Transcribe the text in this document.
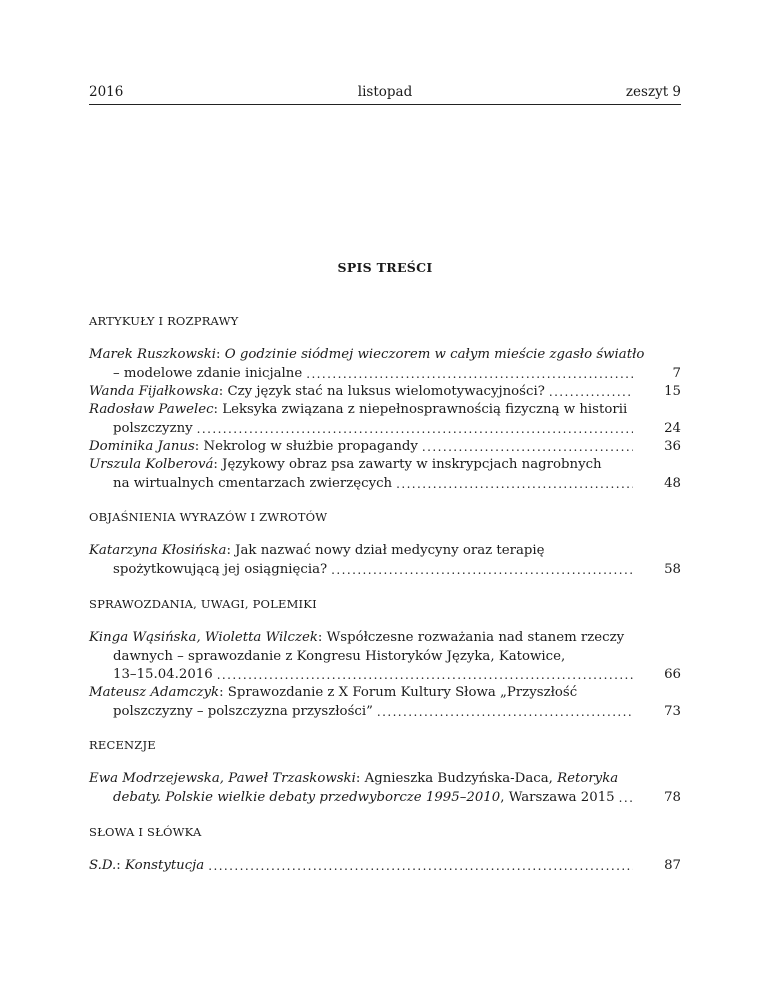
2016	listopad	zeszyt 9
SPIS TREŚCI
ARTYKUŁY I ROZPRAWY
Marek Ruszkowski: O godzinie siódmej wieczorem w całym mieście zgasło światło
– modelowe zdanie inicjalne . . .	7
Wanda Fijałkowska: Czy język stać na luksus wielomotywacyjności? . . .	15
Radosław Pawelec: Leksyka związana z niepełnosprawnością fizyczną w historii
polszczyzny . . .	24
Dominika Janus: Nekrolog w służbie propagandy . . .	36
Urszula Kolberová: Językowy obraz psa zawarty w inskrypcjach nagrobnych
na wirtualnych cmentarzach zwierzęcych . . .	48
OBJAŚNIENIA WYRAZÓW I ZWROTÓW
Katarzyna Kłosińska: Jak nazwać nowy dział medycyny oraz terapię
spożytkowującą jej osiągnięcia? . . .	58
SPRAWOZDANIA, UWAGI, POLEMIKI
Kinga Wąsińska, Wioletta Wilczek: Współczesne rozważania nad stanem rzeczy
dawnych – sprawozdanie z Kongresu Historyków Języka, Katowice,
13–15.04.2016 . . .	66
Mateusz Adamczyk: Sprawozdanie z X Forum Kultury Słowa „Przyszłość
polszczyzny – polszczyzna przyszłości” . . .	73
RECENZJE
Ewa Modrzejewska, Paweł Trzaskowski: Agnieszka Budzyńska-Daca, Retoryka
debaty. Polskie wielkie debaty przedwyborcze 1995–2010, Warszawa 2015 . . .	78
SŁOWA I SŁÓWKA
S.D.: Konstytucja . . .	87
